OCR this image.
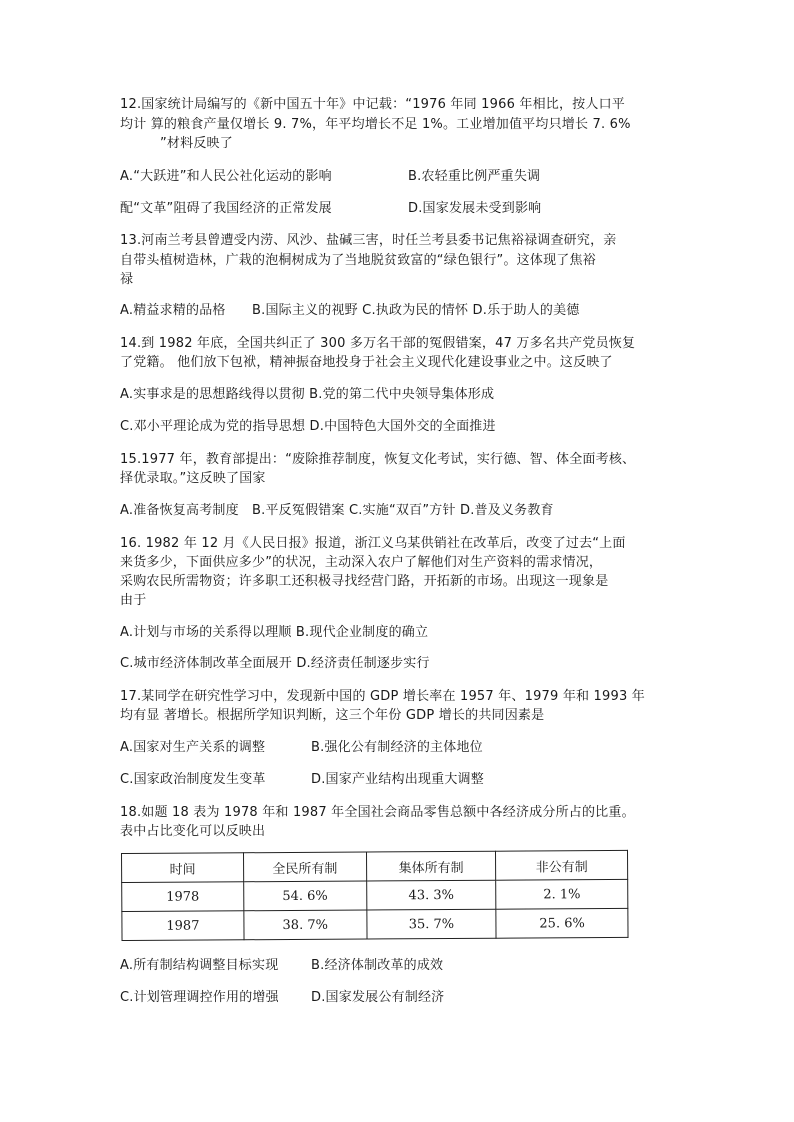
12.国家统计局编写的《新中国五十年》中记载：“1976 年同 1966 年相比，按人口平
均计 算的粮食产量仅增长 9. 7%，年平均增长不足 1%。工业增加值平均只增长 7. 6%
”材料反映了
A.“大跃进”和人民公社化运动的影响	B.农轻重比例严重失调
配“文革”阻碍了我国经济的正常发展	D.国家发展未受到影响
13.河南兰考县曾遭受内涝、风沙、盐碱三害，时任兰考县委书记焦裕禄调查研究，亲
自带头植树造林，广栽的泡桐树成为了当地脱贫致富的“绿色银行”。这体现了焦裕
禄
A.精益求精的品格　　B.国际主义的视野 C.执政为民的情怀 D.乐于助人的美德
14.到 1982 年底，全国共纠正了 300 多万名干部的冤假错案，47 万多名共产党员恢复
了党籍。 他们放下包袱，精神振奋地投身于社会主义现代化建设事业之中。这反映了
A.实事求是的思想路线得以贯彻 B.党的第二代中央领导集体形成
C.邓小平理论成为党的指导思想 D.中国特色大国外交的全面推进
15.1977 年，教育部提出：“废除推荐制度，恢复文化考试，实行德、智、体全面考核、
择优录取。”这反映了国家
A.准备恢复高考制度　B.平反冤假错案 C.实施“双百”方针 D.普及义务教育
16. 1982 年 12 月《人民日报》报道，浙江义乌某供销社在改革后，改变了过去“上面
来货多少，下面供应多少”的状况，主动深入农户了解他们对生产资料的需求情况，
采购农民所需物资；许多职工还积极寻找经营门路，开拓新的市场。出现这一现象是
由于
A.计划与市场的关系得以理顺 B.现代企业制度的确立
C.城市经济体制改革全面展开 D.经济责任制逐步实行
17.某同学在研究性学习中，发现新中国的 GDP 增长率在 1957 年、1979 年和 1993 年
均有显 著增长。根据所学知识判断，这三个年份 GDP 增长的共同因素是
A.国家对生产关系的调整	B.强化公有制经济的主体地位
C.国家政治制度发生变革	D.国家产业结构出现重大调整
18.如题 18 表为 1978 年和 1987 年全国社会商品零售总额中各经济成分所占的比重。
表中占比变化可以反映出
时间	全民所有制	集体所有制	非公有制
1978	54. 6%	43. 3%	2. 1%
1987	38. 7%	35. 7%	25. 6%
A.所有制结构调整目标实现	B.经济体制改革的成效
C.计划管理调控作用的增强 D.国家发展公有制经济
